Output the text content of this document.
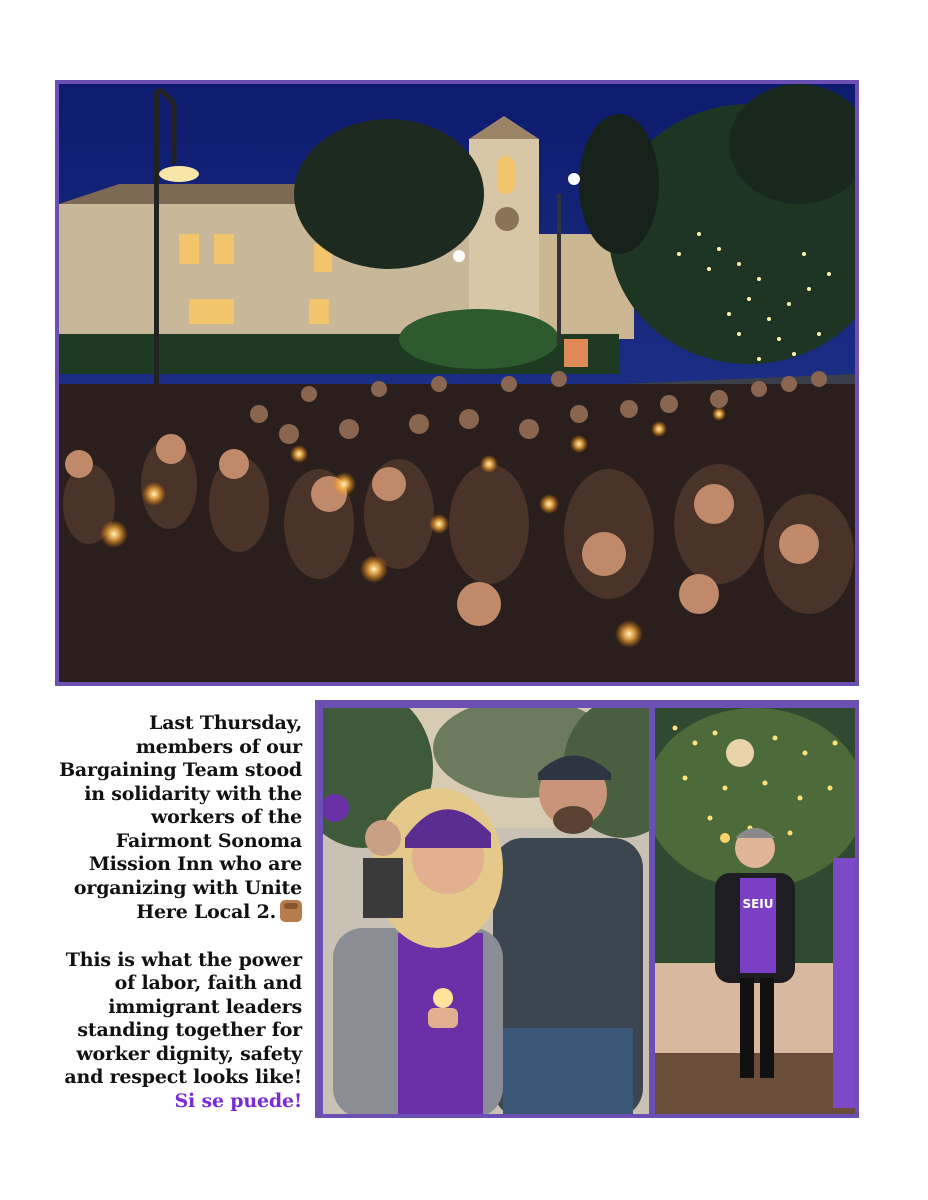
Last Thursday, members of our Bargaining Team stood in solidarity with the workers of the Fairmont Sonoma Mission Inn who are organizing with Unite Here Local 2.

This is what the power of labor, faith and immigrant leaders standing together for worker dignity, safety and respect looks like!

Si se puede!

SEIU
